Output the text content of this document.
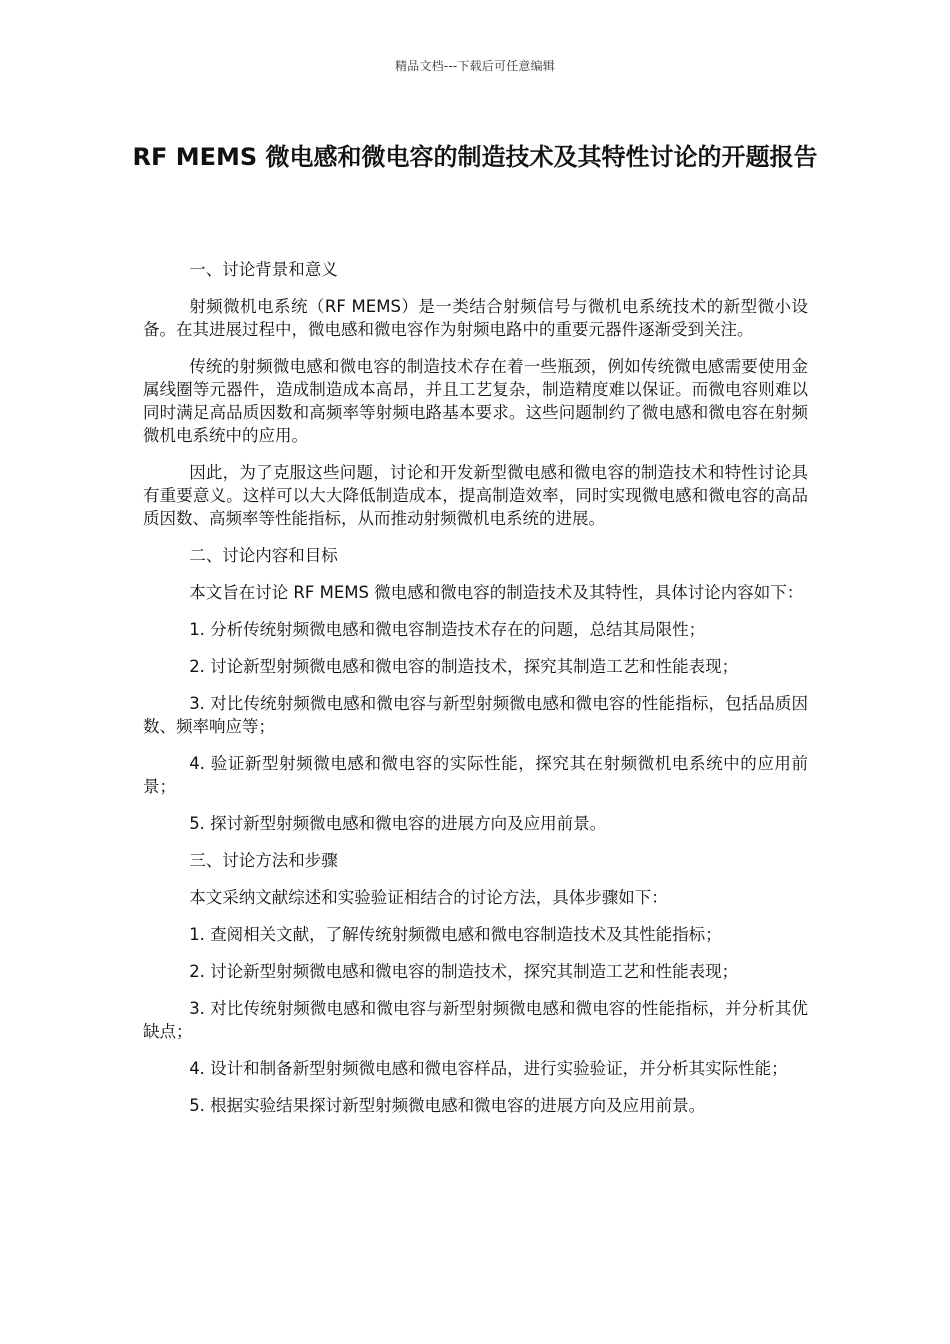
精品文档---下载后可任意编辑
RF MEMS 微电感和微电容的制造技术及其特性讨论的开题报告

一、讨论背景和意义

射频微机电系统（RF MEMS）是一类结合射频信号与微机电系统技术的新型微小设备。在其进展过程中，微电感和微电容作为射频电路中的重要元器件逐渐受到关注。

传统的射频微电感和微电容的制造技术存在着一些瓶颈，例如传统微电感需要使用金属线圈等元器件，造成制造成本高昂，并且工艺复杂，制造精度难以保证。而微电容则难以同时满足高品质因数和高频率等射频电路基本要求。这些问题制约了微电感和微电容在射频微机电系统中的应用。

因此，为了克服这些问题，讨论和开发新型微电感和微电容的制造技术和特性讨论具有重要意义。这样可以大大降低制造成本，提高制造效率，同时实现微电感和微电容的高品质因数、高频率等性能指标，从而推动射频微机电系统的进展。

二、讨论内容和目标

本文旨在讨论 RF MEMS 微电感和微电容的制造技术及其特性，具体讨论内容如下：

1. 分析传统射频微电感和微电容制造技术存在的问题，总结其局限性；

2. 讨论新型射频微电感和微电容的制造技术，探究其制造工艺和性能表现；

3. 对比传统射频微电感和微电容与新型射频微电感和微电容的性能指标，包括品质因数、频率响应等；

4. 验证新型射频微电感和微电容的实际性能，探究其在射频微机电系统中的应用前景；

5. 探讨新型射频微电感和微电容的进展方向及应用前景。

三、讨论方法和步骤

本文采纳文献综述和实验验证相结合的讨论方法，具体步骤如下：

1. 查阅相关文献，了解传统射频微电感和微电容制造技术及其性能指标；

2. 讨论新型射频微电感和微电容的制造技术，探究其制造工艺和性能表现；

3. 对比传统射频微电感和微电容与新型射频微电感和微电容的性能指标，并分析其优缺点；

4. 设计和制备新型射频微电感和微电容样品，进行实验验证，并分析其实际性能；

5. 根据实验结果探讨新型射频微电感和微电容的进展方向及应用前景。
